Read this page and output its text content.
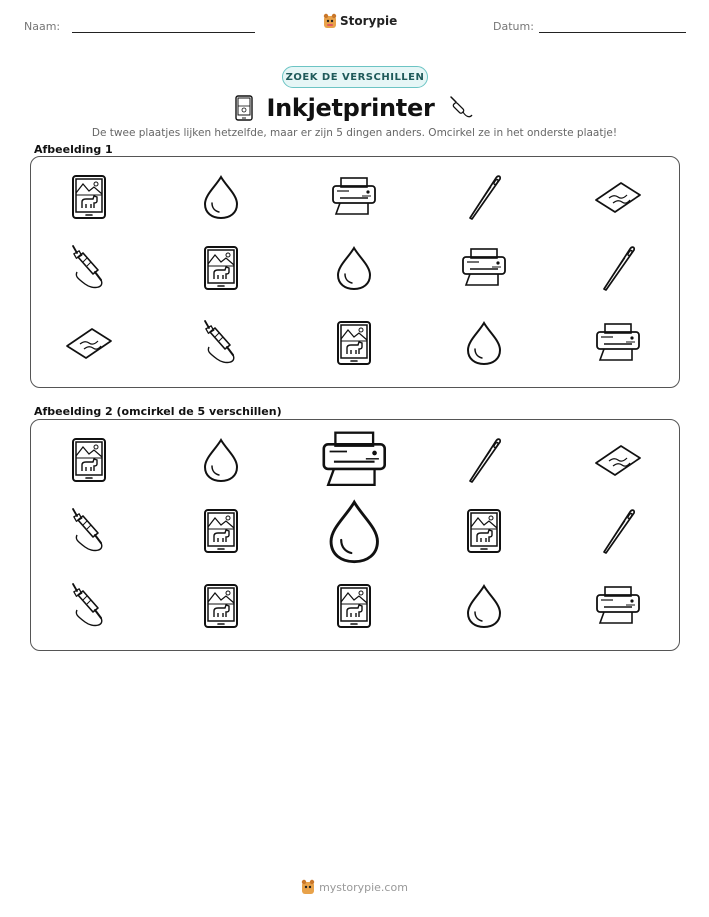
Naam:	Storypie	Datum:
ZOEK DE VERSCHILLEN
Inkjetprinter
De twee plaatjes lijken hetzelfde, maar er zijn 5 dingen anders. Omcirkel ze in het onderste plaatje!
Afbeelding 1
Afbeelding 2 (omcirkel de 5 verschillen)
mystorypie.com
